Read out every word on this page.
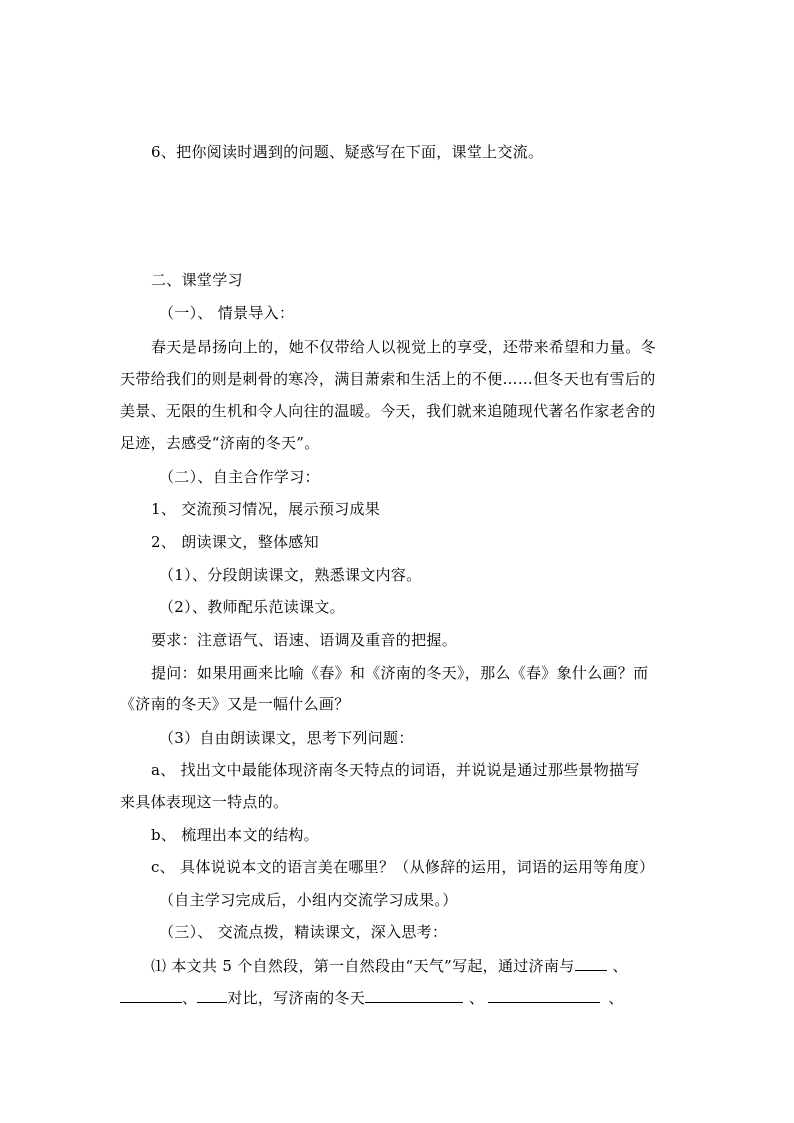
6、把你阅读时遇到的问题、疑惑写在下面，课堂上交流。
二、课堂学习
（一）、 情景导入：
春天是昂扬向上的，她不仅带给人以视觉上的享受，还带来希望和力量。冬
天带给我们的则是刺骨的寒冷，满目萧索和生活上的不便……但冬天也有雪后的
美景、无限的生机和令人向往的温暖。今天，我们就来追随现代著名作家老舍的
足迹，去感受“济南的冬天”。
（二）、自主合作学习：
1、 交流预习情况，展示预习成果
2、 朗读课文，整体感知
（1）、分段朗读课文，熟悉课文内容。
（2）、教师配乐范读课文。
要求：注意语气、语速、语调及重音的把握。
提问：如果用画来比喻《春》和《济南的冬天》，那么《春》象什么画？而
《济南的冬天》又是一幅什么画？
（3）自由朗读课文，思考下列问题：
a、 找出文中最能体现济南冬天特点的词语，并说说是通过那些景物描写
来具体表现这一特点的。
b、 梳理出本文的结构。
c、 具体说说本文的语言美在哪里？（从修辞的运用，词语的运用等角度）
（自主学习完成后，小组内交流学习成果。）
（三）、 交流点拨，精读课文，深入思考：
⑴ 本文共 5 个自然段，第一自然段由“天气”写起，通过济南与	、
、 对比，写济南的冬天	、	、
